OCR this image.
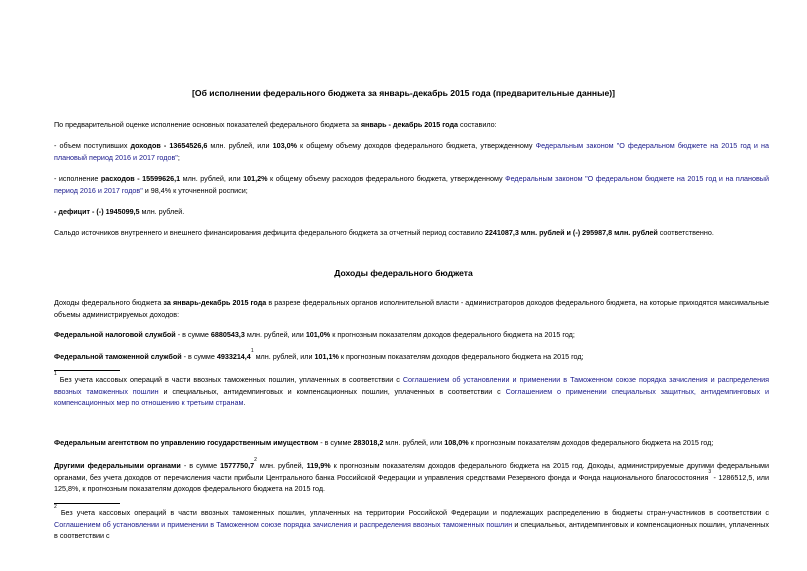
[Об исполнении федерального бюджета за январь-декабрь 2015 года (предварительные данные)]
По предварительной оценке исполнение основных показателей федерального бюджета за январь - декабрь 2015 года составило:
- объем поступивших доходов - 13654526,6 млн. рублей, или 103,0% к общему объему доходов федерального бюджета, утвержденному Федеральным законом "О федеральном бюджете на 2015 год и на плановый период 2016 и 2017 годов";
- исполнение расходов - 15599626,1 млн. рублей, или 101,2% к общему объему расходов федерального бюджета, утвержденному Федеральным законом "О федеральном бюджете на 2015 год и на плановый период 2016 и 2017 годов" и 98,4% к уточненной росписи;
- дефицит - (-) 1945099,5 млн. рублей.
Сальдо источников внутреннего и внешнего финансирования дефицита федерального бюджета за отчетный период составило 2241087,3 млн. рублей и (-) 295987,8 млн. рублей соответственно.
Доходы федерального бюджета
Доходы федерального бюджета за январь-декабрь 2015 года в разрезе федеральных органов исполнительной власти - администраторов доходов федерального бюджета, на которые приходятся максимальные объемы администрируемых доходов:
Федеральной налоговой службой - в сумме 6880543,3 млн. рублей, или 101,0% к прогнозным показателям доходов федерального бюджета на 2015 год;
Федеральной таможенной службой - в сумме 4933214,4$^1$ млн. рублей, или 101,1% к прогнозным показателям доходов федерального бюджета на 2015 год;
$^1$ Без учета кассовых операций в части ввозных таможенных пошлин, уплаченных в соответствии с Соглашением об установлении и применении в Таможенном союзе порядка зачисления и распределения ввозных таможенных пошлин и специальных, антидемпинговых и компенсационных пошлин, уплаченных в соответствии с Соглашением о применении специальных защитных, антидемпинговых и компенсационных мер по отношению к третьим странам.
Федеральным агентством по управлению государственным имуществом - в сумме 283018,2 млн. рублей, или 108,0% к прогнозным показателям доходов федерального бюджета на 2015 год;
Другими федеральными органами - в сумме 1577750,7$^2$ млн. рублей, 119,9% к прогнозным показателям доходов федерального бюджета на 2015 год. Доходы, администрируемые другими федеральными органами, без учета доходов от перечисления части прибыли Центрального банка Российской Федерации и управления средствами Резервного фонда и Фонда национального благосостояния$^3$ - 1286512,5, или 125,8%, к прогнозным показателям доходов федерального бюджета на 2015 год.
$^2$ Без учета кассовых операций в части ввозных таможенных пошлин, уплаченных на территории Российской Федерации и подлежащих распределению в бюджеты стран-участников в соответствии с Соглашением об установлении и применении в Таможенном союзе порядка зачисления и распределения ввозных таможенных пошлин и специальных, антидемпинговых и компенсационных пошлин, уплаченных в соответствии с
